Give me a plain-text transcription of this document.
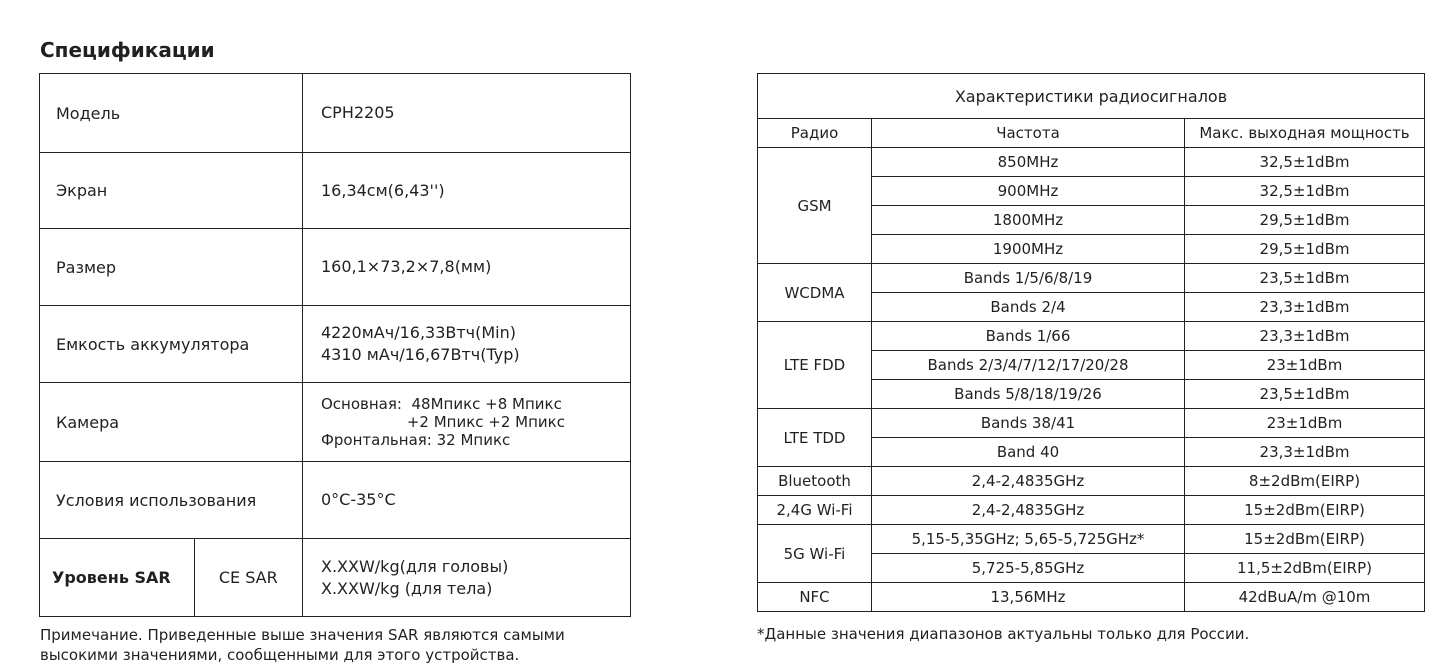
Спецификации
Модель		CPH2205
Экран		16,34см(6,43'')
Размер		160,1×73,2×7,8(мм)
Емкость аккумулятора		4220мАч/16,33Втч(Min)
4310 мАч/16,67Втч(Typ)

Камера		Основная:  48Мпикс +8 Мпикс
+2 Мпикс +2 Мпикс
Фронтальная: 32 Мпикс

Условия использования		0°C-35°C
Уровень SAR	CE SAR	X.XXW/kg(для головы)
X.XXW/kg (для тела)
Примечание. Приведенные выше значения SAR являются самыми
высокими значениями, сообщенными для этого устройства.
Характеристики радиосигналов		
Радио	Частота	Макс. выходная мощность
GSM	850MHz	32,5±1dBm
	900MHz	32,5±1dBm
	1800MHz	29,5±1dBm
	1900MHz	29,5±1dBm
WCDMA	Bands 1/5/6/8/19	23,5±1dBm
	Bands 2/4	23,3±1dBm
LTE FDD	Bands 1/66	23,3±1dBm
	Bands 2/3/4/7/12/17/20/28	23±1dBm
	Bands 5/8/18/19/26	23,5±1dBm
LTE TDD	Bands 38/41	23±1dBm
	Band 40	23,3±1dBm
Bluetooth	2,4-2,4835GHz	8±2dBm(EIRP)
2,4G Wi-Fi	2,4-2,4835GHz	15±2dBm(EIRP)
5G Wi-Fi	5,15-5,35GHz; 5,65-5,725GHz*	15±2dBm(EIRP)
	5,725-5,85GHz	11,5±2dBm(EIRP)
NFC	13,56MHz	42dBuA/m @10m
*Данные значения диапазонов актуальны только для России.
